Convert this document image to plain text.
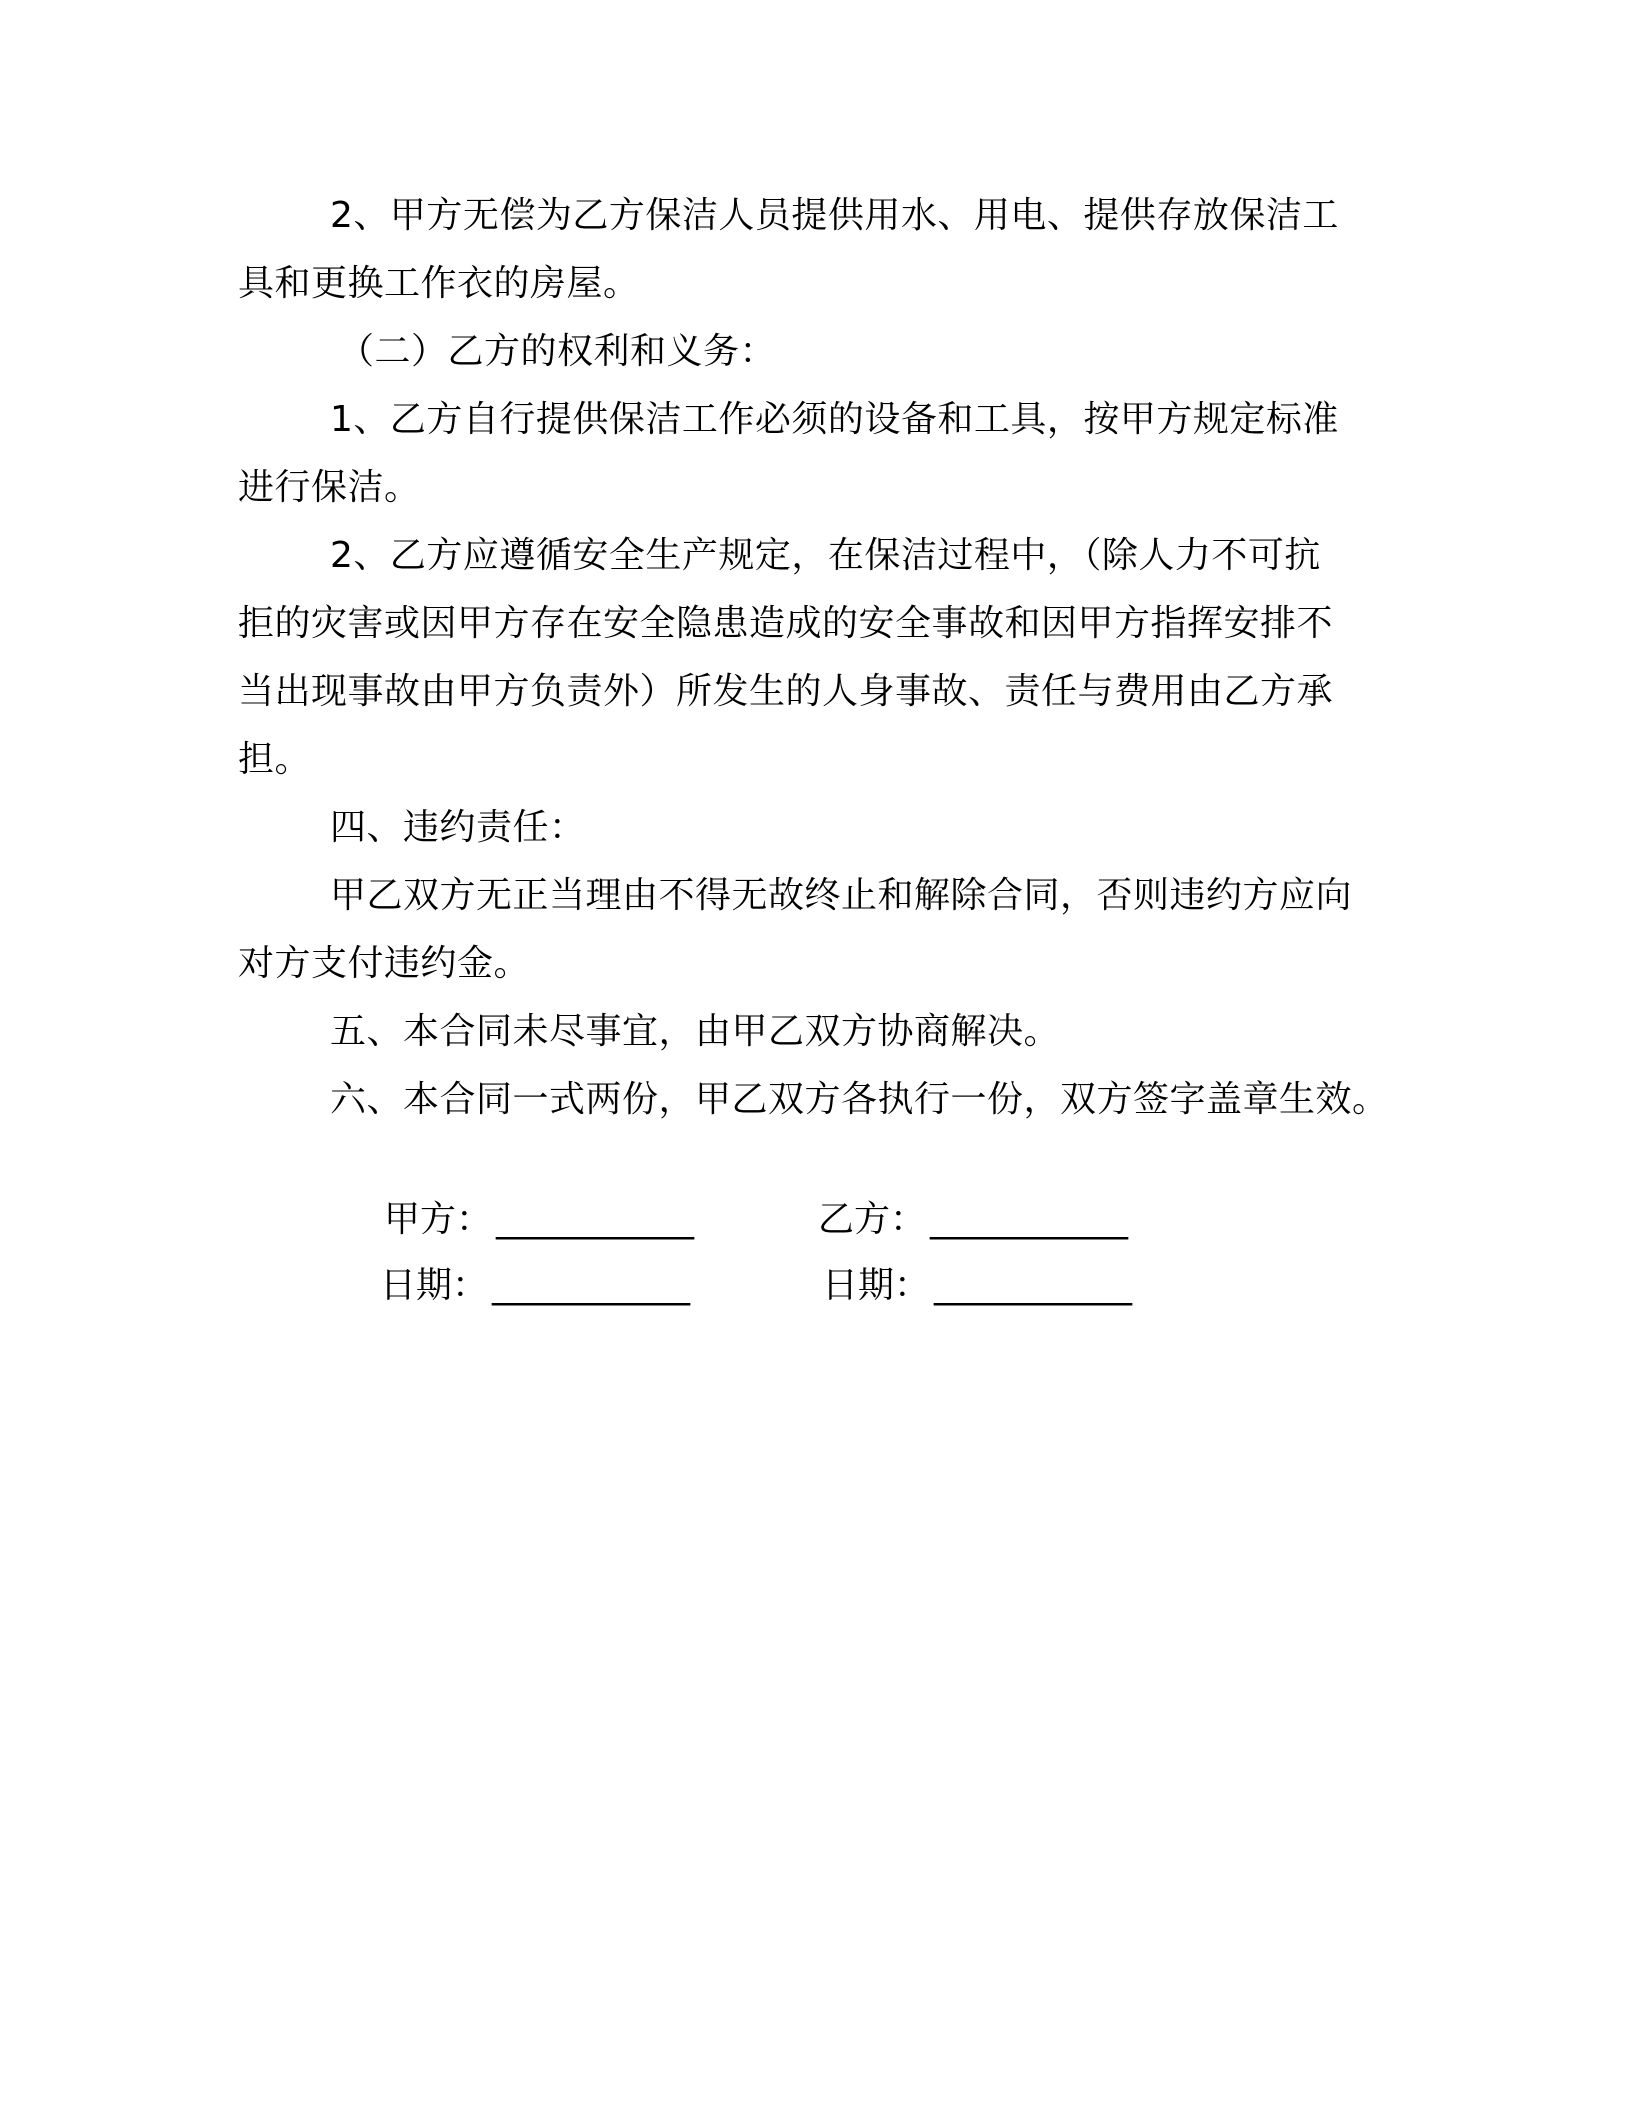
2、甲方无偿为乙方保洁人员提供用水、用电、提供存放保洁工
具和更换工作衣的房屋。
（二）乙方的权利和义务：
1、乙方自行提供保洁工作必须的设备和工具，按甲方规定标准
进行保洁。
2、乙方应遵循安全生产规定，在保洁过程中，（除人力不可抗
拒的灾害或因甲方存在安全隐患造成的安全事故和因甲方指挥安排不
当出现事故由甲方负责外）所发生的人身事故、责任与费用由乙方承
担。
四、违约责任：
甲乙双方无正当理由不得无故终止和解除合同，否则违约方应向
对方支付违约金。
五、本合同未尽事宜，由甲乙双方协商解决。
六、本合同一式两份，甲乙双方各执行一份，双方签字盖章生效。
甲方： ___________	乙方： ___________
日期： ___________	日期： ___________
